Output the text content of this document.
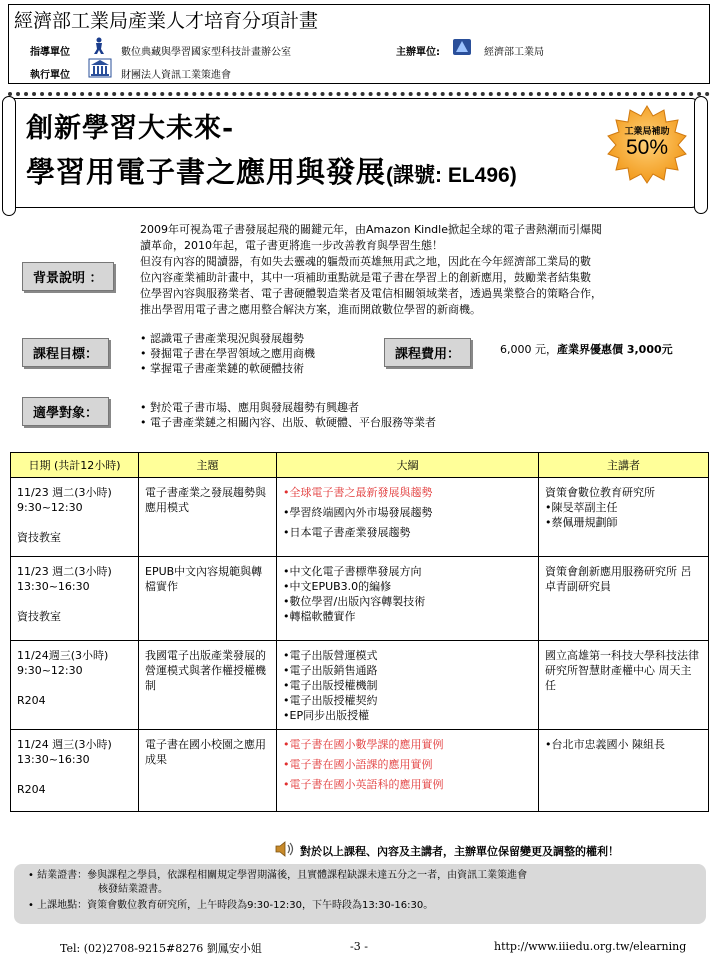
經濟部工業局產業人才培育分項計畫
指導單位	數位典藏與學習國家型科技計畫辦公室	主辦單位:	經濟部工業局
執行單位	財團法人資訊工業策進會
創新學習大未來-
學習用電子書之應用與發展(課號: EL496)
工業局補助
50%
背景說明 ：
2009年可視為電子書發展起飛的關鍵元年，由Amazon Kindle掀起全球的電子書熱潮而引爆閱
讀革命，2010年起，電子書更將進一步改善教育與學習生態！
但沒有內容的閱讀器，有如失去靈魂的軀殼而英雄無用武之地，因此在今年經濟部工業局的數
位內容產業補助計畫中，其中一項補助重點就是電子書在學習上的創新應用，鼓勵業者結集數
位學習內容與服務業者、電子書硬體製造業者及電信相關領域業者，透過異業整合的策略合作，
推出學習用電子書之應用整合解決方案，進而開啟數位學習的新商機。
課程目標：
• 認識電子書產業現況與發展趨勢
• 發掘電子書在學習領域之應用商機
• 掌握電子書產業鏈的軟硬體技術
課程費用：	6,000 元，產業界優惠價 3,000元
適學對象：	• 對於電子書市場、應用與發展趨勢有興趣者
• 電子書產業鏈之相關內容、出版、軟硬體、平台服務等業者
日期 (共計12小時)	主題	大綱	主講者

11/23 週二(3小時)
9:30~12:30
資技教室	電子書產業之發展趨勢與應用模式	•全球電子書之最新發展與趨勢
•學習終端國內外市場發展趨勢
•日本電子書產業發展趨勢	資策會數位教育研究所
•陳旻萃副主任
•蔡佩珊規劃師

11/23 週二(3小時)
13:30~16:30
資技教室	EPUB中文內容規範與轉檔實作	•中文化電子書標準發展方向
•中文EPUB3.0的編修
•數位學習/出版內容轉製技術
•轉檔軟體實作	資策會創新應用服務研究所 呂卓青副研究員

11/24週三(3小時)
9:30~12:30
R204	我國電子出版產業發展的營運模式與著作權授權機制	•電子出版營運模式
•電子出版銷售通路
•電子出版授權機制
•電子出版授權契約
•EP同步出版授權	國立高雄第一科技大學科技法律研究所智慧財產權中心 周天主任

11/24 週三(3小時)
13:30~16:30
R204	電子書在國小校園之應用成果	•電子書在國小數學課的應用實例
•電子書在國小語課的應用實例
•電子書在國小英語科的應用實例	•台北市忠義國小 陳組長
對於以上課程、內容及主講者，主辦單位保留變更及調整的權利！
• 結業證書：參與課程之學員，依課程相關規定學習期滿後，且實體課程缺課未達五分之一者，由資訊工業策進會
核發結業證書。
• 上課地點：資策會數位教育研究所，上午時段為9:30-12:30，下午時段為13:30-16:30。
Tel: (02)2708-9215#8276 劉鳳安小姐	-3 -	http://www.iiiedu.org.tw/elearning
